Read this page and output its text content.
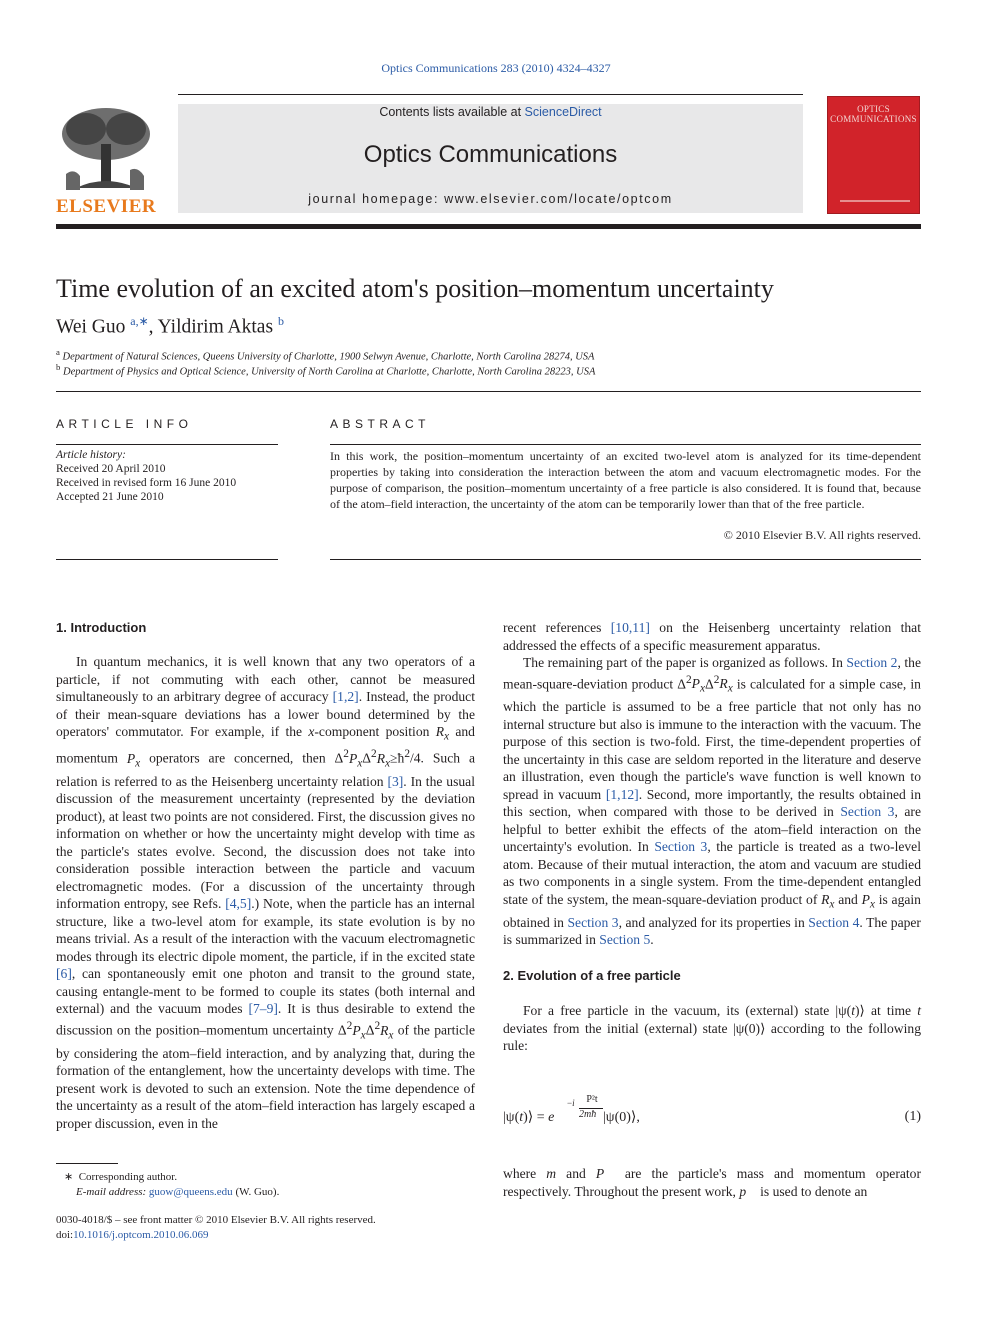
Optics Communications 283 (2010) 4324–4327
Contents lists available at ScienceDirect
Optics Communications
journal homepage: www.elsevier.com/locate/optcom
ELSEVIER
OPTICS
COMMUNICATIONS
Time evolution of an excited atom's position–momentum uncertainty
Wei Guo $^{a,∗}$, Yildirim Aktas $^b$
$^a$ Department of Natural Sciences, Queens University of Charlotte, 1900 Selwyn Avenue, Charlotte, North Carolina 28274, USA
$^b$ Department of Physics and Optical Science, University of North Carolina at Charlotte, Charlotte, North Carolina 28223, USA
ARTICLE INFO
Article history:
Received 20 April 2010
Received in revised form 16 June 2010
Accepted 21 June 2010
ABSTRACT
In this work, the position–momentum uncertainty of an excited two-level atom is analyzed for its time-dependent properties by taking into consideration the interaction between the atom and vacuum electromagnetic modes. For the purpose of comparison, the position–momentum uncertainty of a free particle is also considered. It is found that, because of the atom–field interaction, the uncertainty of the atom can be temporarily lower than that of the free particle.
© 2010 Elsevier B.V. All rights reserved.
1. Introduction

In quantum mechanics, it is well known that any two operators of a particle, if not commuting with each other, cannot be measured simultaneously to an arbitrary degree of accuracy [1,2]. Instead, the product of their mean-square deviations has a lower bound determined by the operators' commutator. For example, if the x-component position $R_x$ and momentum $P_x$ operators are concerned, then $\Delta^2P_x\Delta^2R_x\ge ħ^2/4$. Such a relation is referred to as the Heisenberg uncertainty relation [3]. In the usual discussion of the measurement uncertainty (represented by the deviation product), at least two points are not considered. First, the discussion gives no information on whether or how the uncertainty might develop with time as the particle's states evolve. Second, the discussion does not take into consideration possible interaction between the particle and vacuum electromagnetic modes. (For a discussion of the uncertainty through information entropy, see Refs. [4,5].) Note, when the particle has an internal structure, like a two-level atom for example, its state evolution is by no means trivial. As a result of the interaction with the vacuum electromagnetic modes through its electric dipole moment, the particle, if in the excited state [6], can spontaneously emit one photon and transit to the ground state, causing entangle-ment to be formed to couple its states (both internal and external) and the vacuum modes [7–9]. It is thus desirable to extend the discussion on the position–momentum uncertainty $\Delta^2P_x\Delta^2R_x$ of the particle by considering the atom–field interaction, and by analyzing that, during the formation of the entanglement, how the uncertainty develops with time. The present work is devoted to such an extension. Note the time dependence of the uncertainty as a result of the atom–field interaction has largely escaped a proper discussion, even in the

∗ Corresponding author.
E-mail address: guow@queens.edu (W. Guo).
0030-4018/$ – see front matter © 2010 Elsevier B.V. All rights reserved.
doi:10.1016/j.optcom.2010.06.069

recent references [10,11] on the Heisenberg uncertainty relation that addressed the effects of a specific measurement apparatus.

The remaining part of the paper is organized as follows. In Section 2, the mean-square-deviation product $\Delta^2P_x\Delta^2R_x$ is calculated for a simple case, in which the particle is assumed to be a free particle that not only has no internal structure but also is immune to the interaction with the vacuum. The purpose of this section is two-fold. First, the time-dependent properties of the uncertainty in this case are seldom reported in the literature and deserve an illustration, even though the particle's wave function is well known to spread in vacuum [1,12]. Second, more importantly, the results obtained in this section, when compared with those to be derived in Section 3, are helpful to better exhibit the effects of the atom–field interaction on the uncertainty's evolution. In Section 3, the particle is treated as a two-level atom. Because of their mutual interaction, the atom and vacuum are studied as two components in a single system. From the time-dependent entangled state of the system, the mean-square-deviation product of $R_x$ and $P_x$ is again obtained in Section 3, and analyzed for its properties in Section 4. The paper is summarized in Section 5.

2. Evolution of a free particle

For a free particle in the vacuum, its (external) state |ψ(t)⟩ at time t deviates from the initial (external) state |ψ(0)⟩ according to the following rule:

|ψ(t)⟩ = e
−i	P²t
2mħ |ψ(0)⟩,	(1)

where m and P⃗ are the particle's mass and momentum operator respectively. Throughout the present work, p⃗ is used to denote an
